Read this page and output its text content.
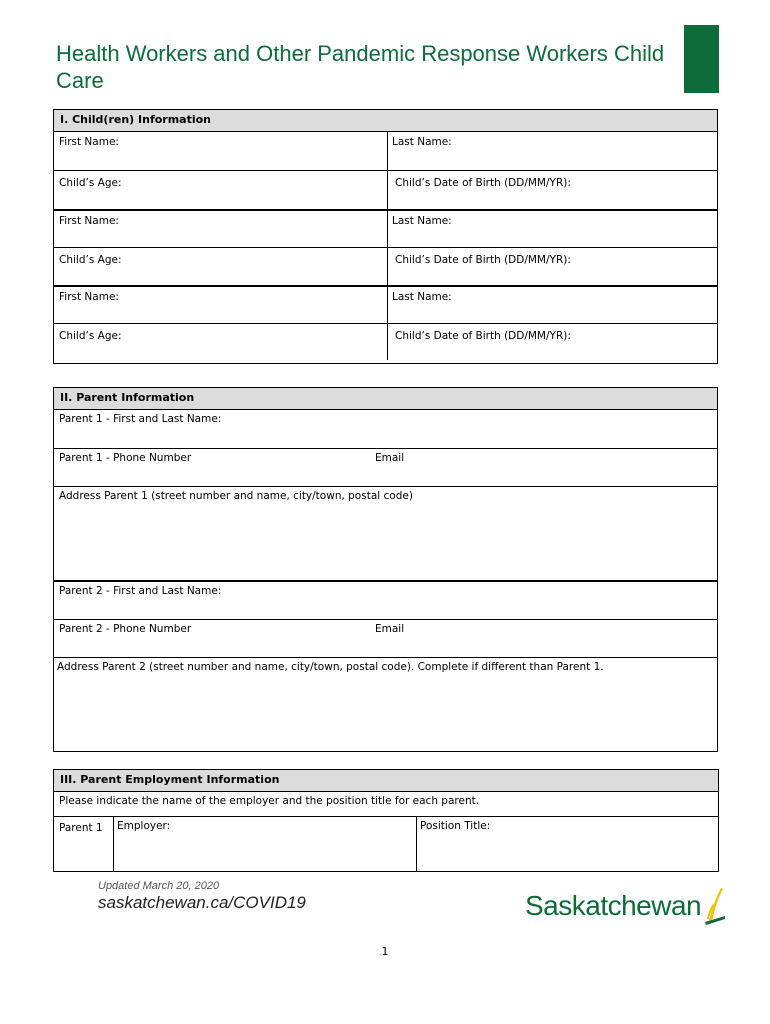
Health Workers and Other Pandemic Response Workers Child Care
I. Child(ren) Information
First Name:	Last Name:
Child’s Age:	Child’s Date of Birth (DD/MM/YR):
First Name:	Last Name:
Child’s Age:	Child’s Date of Birth (DD/MM/YR):
First Name:	Last Name:
Child’s Age:	Child’s Date of Birth (DD/MM/YR):
II. Parent Information
Parent 1 - First and Last Name:
Parent 1 - Phone Number	Email
Address Parent 1 (street number and name, city/town, postal code)
Parent 2 - First and Last Name:
Parent 2 - Phone Number	Email
Address Parent 2 (street number and name, city/town, postal code). Complete if different than Parent 1.
III. Parent Employment Information
Please indicate the name of the employer and the position title for each parent.
Parent 1 Employer:	Position Title:
Updated March 20, 2020
saskatchewan.ca/COVID19	Saskatchewan
1
